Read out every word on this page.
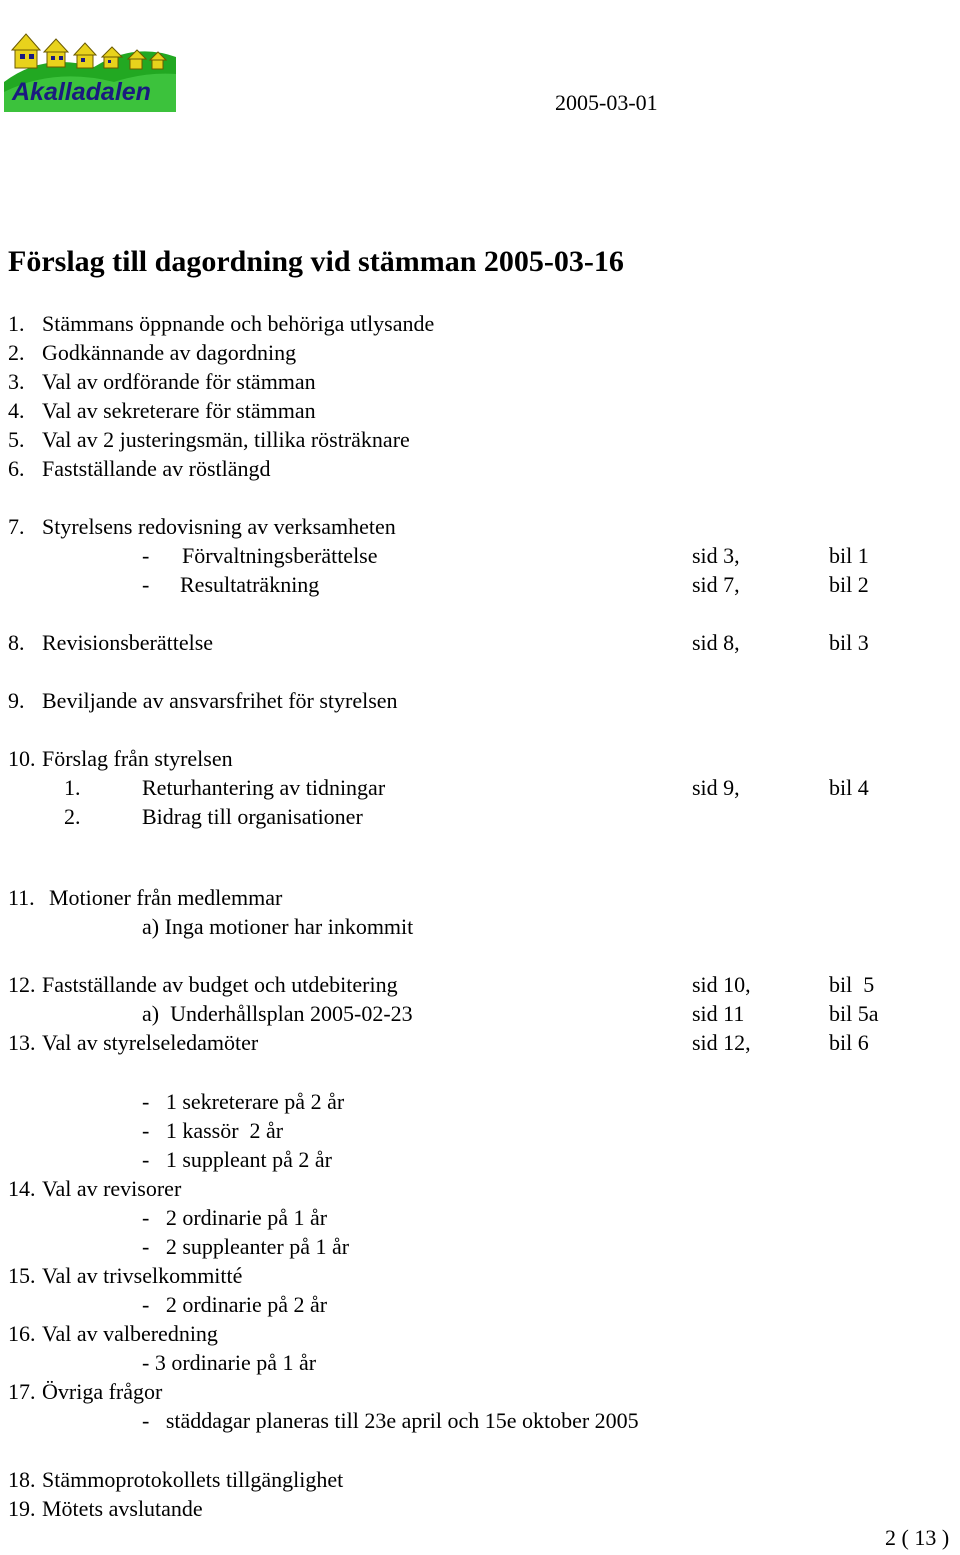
Akalladalen	2005-03-01
Förslag till dagordning vid stämman 2005-03-16
1. Stämmans öppnande och behöriga utlysande
2. Godkännande av dagordning
3. Val av ordförande för stämman
4. Val av sekreterare för stämman
5. Val av 2 justeringsmän, tillika rösträknare
6. Fastställande av röstlängd
7. Styrelsens redovisning av verksamheten
- Förvaltningsberättelse	sid 3,	bil 1
- Resultaträkning	sid 7,	bil 2
8. Revisionsberättelse	sid 8,	bil 3
9. Beviljande av ansvarsfrihet för styrelsen
10. Förslag från styrelsen
1.	Returhantering av tidningar	sid 9,	bil 4
2.	Bidrag till organisationer
11. Motioner från medlemmar
a) Inga motioner har inkommit
12. Fastställande av budget och utdebitering	sid 10,	bil  5
a)  Underhållsplan 2005-02-23	sid 11	bil 5a
13. Val av styrelseledamöter	sid 12,	bil 6
-   1 sekreterare på 2 år
-   1 kassör  2 år
-   1 suppleant på 2 år
14. Val av revisorer
-   2 ordinarie på 1 år
-   2 suppleanter på 1 år
15. Val av trivselkommitté
-   2 ordinarie på 2 år
16. Val av valberedning
- 3 ordinarie på 1 år
17. Övriga frågor
-   städdagar planeras till 23e april och 15e oktober 2005
18. Stämmoprotokollets tillgänglighet
19. Mötets avslutande
2 ( 13 )
